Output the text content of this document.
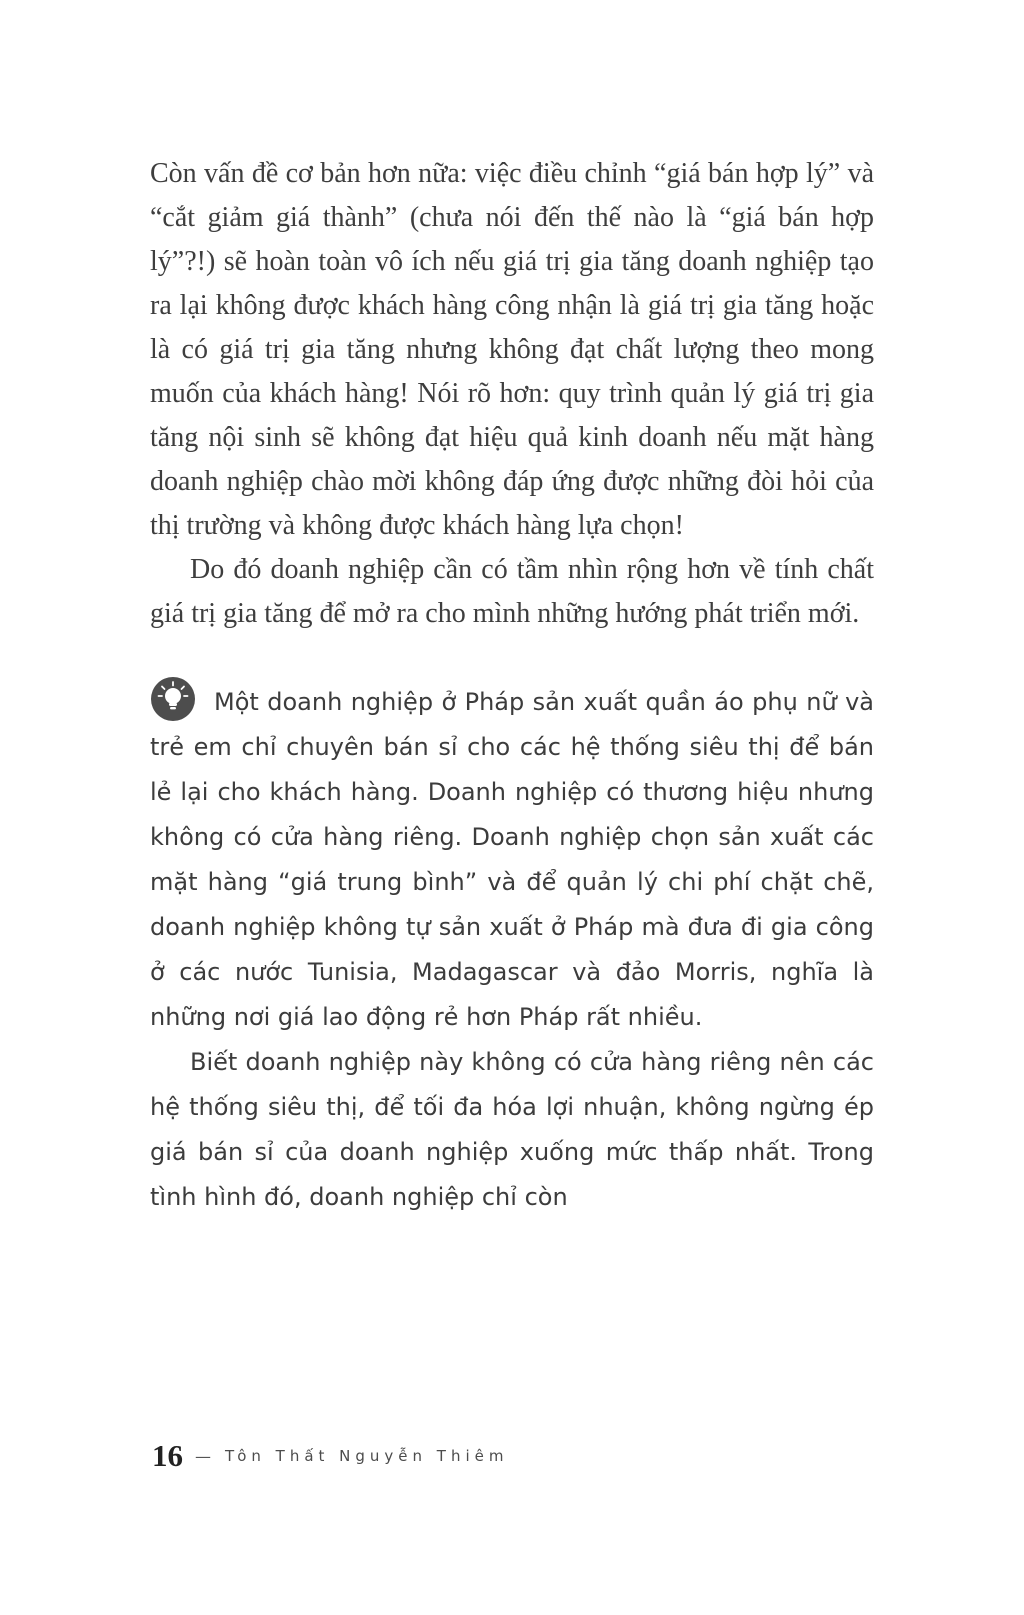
Còn vấn đề cơ bản hơn nữa: việc điều chỉnh “giá bán hợp lý” và “cắt giảm giá thành” (chưa nói đến thế nào là “giá bán hợp lý”?!) sẽ hoàn toàn vô ích nếu giá trị gia tăng doanh nghiệp tạo ra lại không được khách hàng công nhận là giá trị gia tăng hoặc là có giá trị gia tăng nhưng không đạt chất lượng theo mong muốn của khách hàng! Nói rõ hơn: quy trình quản lý giá trị gia tăng nội sinh sẽ không đạt hiệu quả kinh doanh nếu mặt hàng doanh nghiệp chào mời không đáp ứng được những đòi hỏi của thị trường và không được khách hàng lựa chọn!

Do đó doanh nghiệp cần có tầm nhìn rộng hơn về tính chất giá trị gia tăng để mở ra cho mình những hướng phát triển mới.

Một doanh nghiệp ở Pháp sản xuất quần áo phụ nữ và trẻ em chỉ chuyên bán sỉ cho các hệ thống siêu thị để bán lẻ lại cho khách hàng. Doanh nghiệp có thương hiệu nhưng không có cửa hàng riêng. Doanh nghiệp chọn sản xuất các mặt hàng “giá trung bình” và để quản lý chi phí chặt chẽ, doanh nghiệp không tự sản xuất ở Pháp mà đưa đi gia công ở các nước Tunisia, Madagascar và đảo Morris, nghĩa là những nơi giá lao động rẻ hơn Pháp rất nhiều.

Biết doanh nghiệp này không có cửa hàng riêng nên các hệ thống siêu thị, để tối đa hóa lợi nhuận, không ngừng ép giá bán sỉ của doanh nghiệp xuống mức thấp nhất. Trong tình hình đó, doanh nghiệp chỉ còn

16 — Tôn Thất Nguyễn Thiêm
